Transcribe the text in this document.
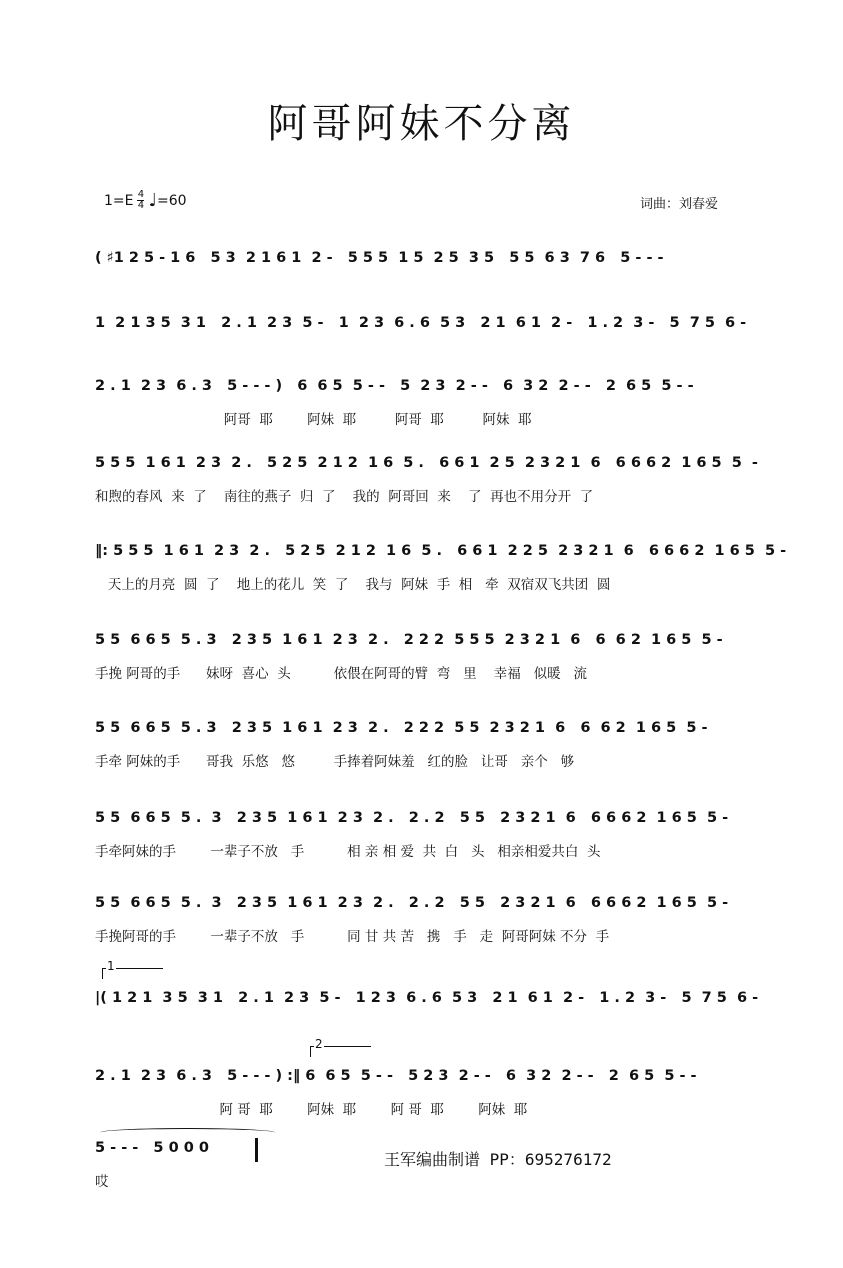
阿哥阿妹不分离
$1=E \frac{4}{4}$ ♩ =60	词曲：刘春爱
( ♯1 2 5 - 1 6   5 3  2 1 6 1  2 -   5 5 5  1 5  2 5  3 5   5 5  6 3  7 6   5 - - -
1  2 1 3 5  3 1   2 . 1  2 3  5 -   1  2 3  6 . 6  5 3   2 1  6 1  2 -   1 . 2  3 -   5  7 5  6 -
2 . 1  2 3  6 . 3   5 - - - )   6  6 5  5 - -   5  2 3  2 - -   6  3 2  2 - -   2  6 5  5 - -
阿哥  耶        阿妹  耶         阿哥  耶         阿妹  耶
5 5 5  1 6 1  2 3  2 .   5 2 5  2 1 2  1 6  5 .   6 6 1  2 5  2 3 2 1  6   6 6 6 2  1 6 5  5  -
和煦的春风  来  了    南往的燕子  归  了    我的  阿哥回  来    了  再也不用分开  了
‖: 5 5 5  1 6 1  2 3  2 .   5 2 5  2 1 2  1 6  5 .   6 6 1  2 2 5  2 3 2 1  6   6 6 6 2  1 6 5  5 -
天上的月亮  圆  了    地上的花儿  笑  了    我与  阿妹  手  相   牵  双宿双飞共团  圆
5 5  6 6 5  5 . 3   2 3 5  1 6 1  2 3  2 .   2 2 2  5 5 5  2 3 2 1  6   6  6 2  1 6 5  5 -
手挽 阿哥的手      妹呀  喜心  头          依偎在阿哥的臂  弯   里    幸福   似暖   流
5 5  6 6 5  5 . 3   2 3 5  1 6 1  2 3  2 .   2 2 2  5 5  2 3 2 1  6   6  6 2  1 6 5  5 -
手牵 阿妹的手      哥我  乐悠   悠         手捧着阿妹羞   红的脸   让哥   亲个   够
5 5  6 6 5  5 .  3   2 3 5  1 6 1  2 3  2 .   2 . 2   5 5   2 3 2 1  6   6 6 6 2  1 6 5  5 -
手牵阿妹的手        一辈子不放   手          相 亲 相 爱  共  白   头   相亲相爱共白  头
5 5  6 6 5  5 .  3   2 3 5  1 6 1  2 3  2 .   2 . 2   5 5   2 3 2 1  6   6 6 6 2  1 6 5  5 -
手挽阿哥的手        一辈子不放   手          同 甘 共 苦   携   手   走  阿哥阿妹 不分  手
1
|( 1 2 1  3 5  3 1   2 . 1  2 3  5 -   1 2 3  6 . 6  5 3   2 1  6 1  2 -   1 . 2  3 -   5  7 5  6 -
2
2 . 1  2 3  6 . 3   5 - - - ) :‖ 6  6 5  5 - -   5 2 3  2 - -   6  3 2  2 - -   2  6 5  5 - -
阿 哥  耶        阿妹  耶        阿 哥  耶        阿妹  耶
5 - - -   5 0 0 0
哎
王军编曲制谱 PP：695276172
